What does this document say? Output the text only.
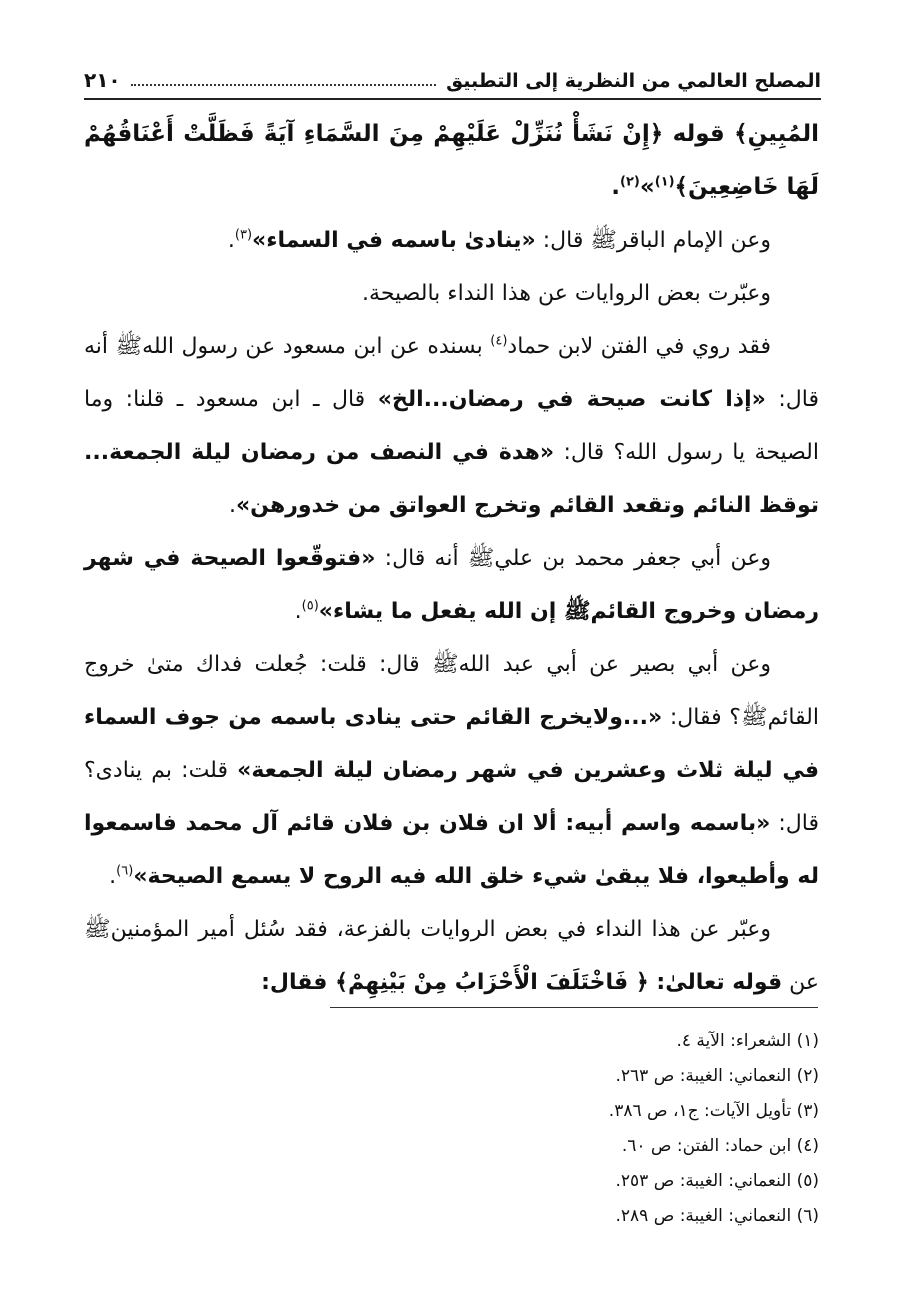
المصلح العالمي من النظرية إلى التطبيق
٢١٠

المُبِينِ﴾ قوله ﴿إِنْ نَشَأْ نُنَزِّلْ عَلَيْهِمْ مِنَ السَّمَاءِ آيَةً فَظَلَّتْ أَعْنَاقُهُمْ لَهَا خَاضِعِينَ﴾$^{(١)}$»$^{(٢)}$.

وعن الإمام الباقرﷺ قال: «ينادىٰ باسمه في السماء»$^{(٣)}$.

وعبّرت بعض الروايات عن هذا النداء بالصيحة.

فقد روي في الفتن لابن حماد$^{(٤)}$ بسنده عن ابن مسعود عن رسول اللهﷺ أنه قال: «إذا كانت صيحة في رمضان...الخ» قال ـ ابن مسعود ـ قلنا: وما الصيحة يا رسول الله؟ قال: «هدة في النصف من رمضان ليلة الجمعة... توقظ النائم وتقعد القائم وتخرج العواتق من خدورهن».

وعن أبي جعفر محمد بن عليﷺ أنه قال: «فتوقّعوا الصيحة في شهر رمضان وخروج القائمﷺ إن الله يفعل ما يشاء»$^{(٥)}$.

وعن أبي بصير عن أبي عبد اللهﷺ قال: قلت: جُعلت فداك متىٰ خروج القائمﷺ؟ فقال: «...ولايخرج القائم حتى ينادى باسمه من جوف السماء في ليلة ثلاث وعشرين في شهر رمضان ليلة الجمعة» قلت: بم ينادى؟ قال: «باسمه واسم أبيه: ألا ان فلان بن فلان قائم آل محمد فاسمعوا له وأطيعوا، فلا يبقىٰ شيء خلق الله فيه الروح لا يسمع الصيحة»$^{(٦)}$.

وعبّر عن هذا النداء في بعض الروايات بالفزعة، فقد سُئل أمير المؤمنينﷺ عن قوله تعالىٰ: ﴿ فَاخْتَلَفَ الْأَحْزَابُ مِنْ بَيْنِهِمْ﴾ فقال:

(١) الشعراء: الآية ٤.

(٢) النعماني: الغيبة: ص ٢٦٣.

(٣) تأويل الآيات: ج١، ص ٣٨٦.

(٤) ابن حماد: الفتن: ص ٦٠.

(٥) النعماني: الغيبة: ص ٢٥٣.

(٦) النعماني: الغيبة: ص ٢٨٩.
